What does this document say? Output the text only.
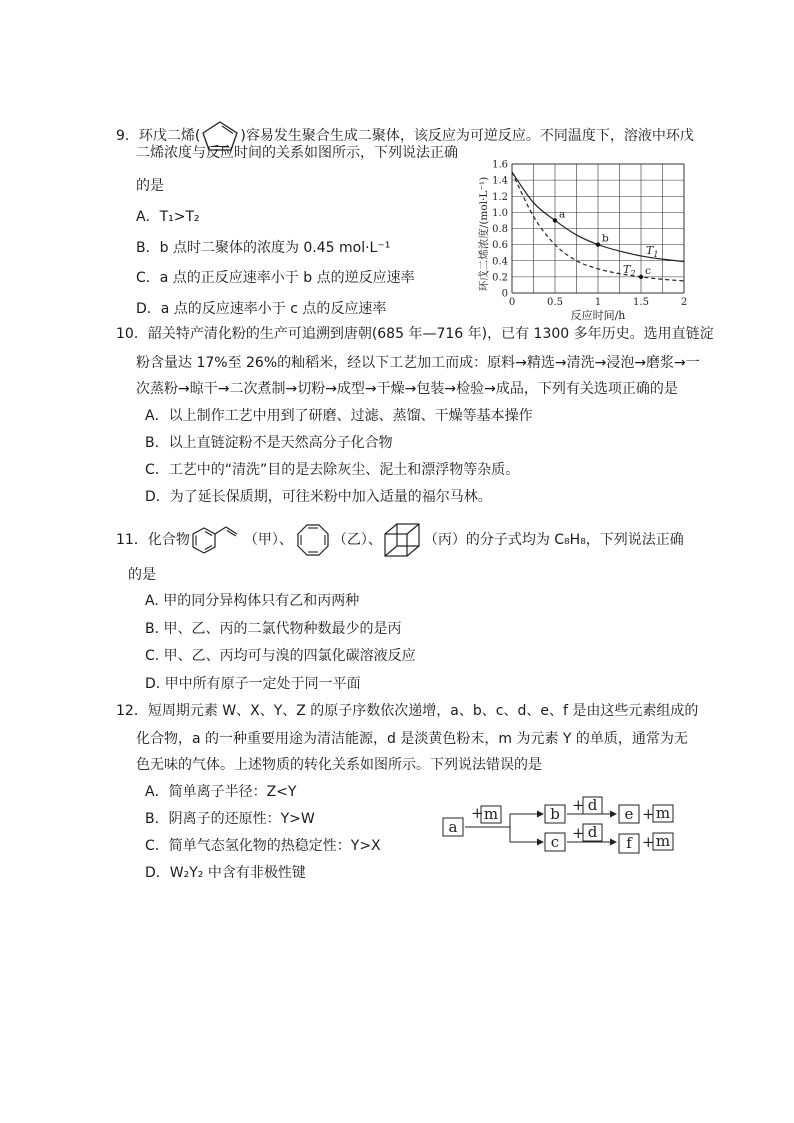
9．环戊二烯(	)容易发生聚合生成二聚体，该反应为可逆反应。不同温度下，溶液中环戊
二烯浓度与反应时间的关系如图所示，下列说法正确
的是
A．T₁>T₂
B．b 点时二聚体的浓度为 0.45 mol·L⁻¹
C．a 点的正反应速率小于 b 点的逆反应速率
D．a 点的反应速率小于 c 点的反应速率
0
0.2
0.4
0.6
0.8
1.0
1.2
1.4
1.6
0	0.5	1	1.5	2
a
b
c
反应时间/h
环戊二烯浓度/(mol·L⁻¹)	$T_1$
$T_2$
10．韶关特产清化粉的生产可追溯到唐朝(685 年—716 年)，已有 1300 多年历史。选用直链淀
粉含量达 17%至 26%的籼稻米，经以下工艺加工而成：原料→精选→清洗→浸泡→磨浆→一
次蒸粉→晾干→二次煮制→切粉→成型→干燥→包装→检验→成品，下列有关选项正确的是
A．以上制作工艺中用到了研磨、过滤、蒸馏、干燥等基本操作
B．以上直链淀粉不是天然高分子化合物
C．工艺中的“清洗”目的是去除灰尘、泥土和漂浮物等杂质。
D．为了延长保质期，可往米粉中加入适量的福尔马林。
11．化合物	（甲）、	（乙）、	（丙）的分子式均为 C₈H₈，下列说法正确
的是
A. 甲的同分异构体只有乙和丙两种
B. 甲、乙、丙的二氯代物种数最少的是丙
C. 甲、乙、丙均可与溴的四氯化碳溶液反应
D. 甲中所有原子一定处于同一平面
12．短周期元素 W、X、Y、Z 的原子序数依次递增，a、b、c、d、e、f 是由这些元素组成的
化合物，a 的一种重要用途为清洁能源，d 是淡黄色粉末，m 为元素 Y 的单质，通常为无
色无味的气体。上述物质的转化关系如图所示。下列说法错误的是
A．简单离子半径：Z<Y
B．阴离子的还原性：Y>W
C．简单气态氢化物的热稳定性：Y>X
D．W₂Y₂ 中含有非极性键
a
+ m	b
c
+ d
+ d
e + m
f + m
